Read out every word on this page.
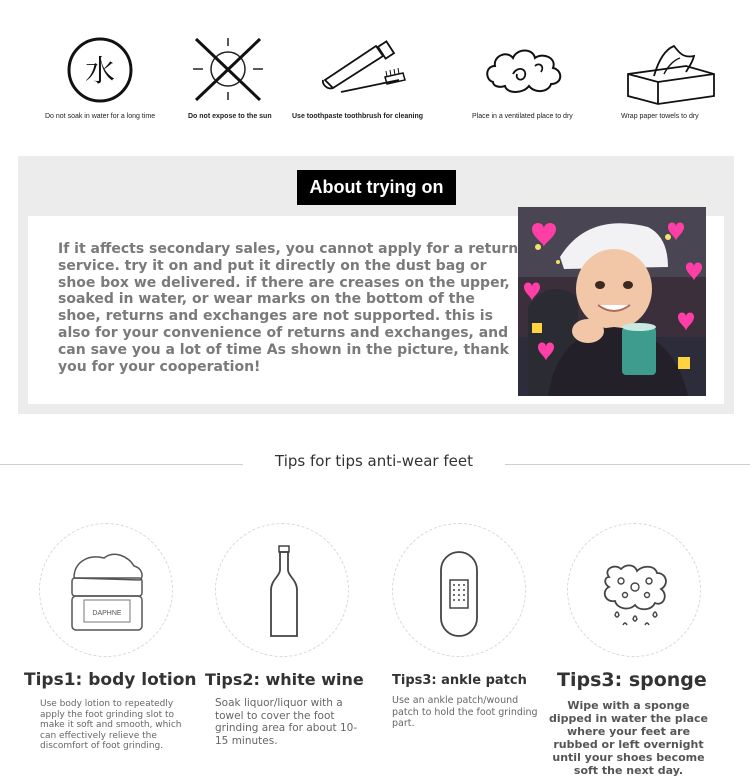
水
Do not soak in water for a long time	Do not expose to the sun	Use toothpaste toothbrush for cleaning	Place in a ventilated place to dry	Wrap paper towels to dry
About trying on
If it affects secondary sales, you cannot apply for a return service. try it on and put it directly on the dust bag or shoe box we delivered. if there are creases on the upper, soaked in water, or wear marks on the bottom of the shoe, returns and exchanges are not supported. this is also for your convenience of returns and exchanges, and can save you a lot of time As shown in the picture, thank you for your cooperation!
Tips for tips anti-wear feet
DAPHNE
Tips1: body lotion
Use body lotion to repeatedly apply the foot grinding slot to make it soft and smooth, which can effectively relieve the discomfort of foot grinding.
Tips2: white wine
Soak liquor/liquor with a towel to cover the foot grinding area for about 10-15 minutes.
Tips3: ankle patch
Use an ankle patch/wound patch to hold the foot grinding part.
Tips3: sponge
Wipe with a sponge dipped in water the place where your feet are rubbed or left overnight until your shoes become soft the next day.
